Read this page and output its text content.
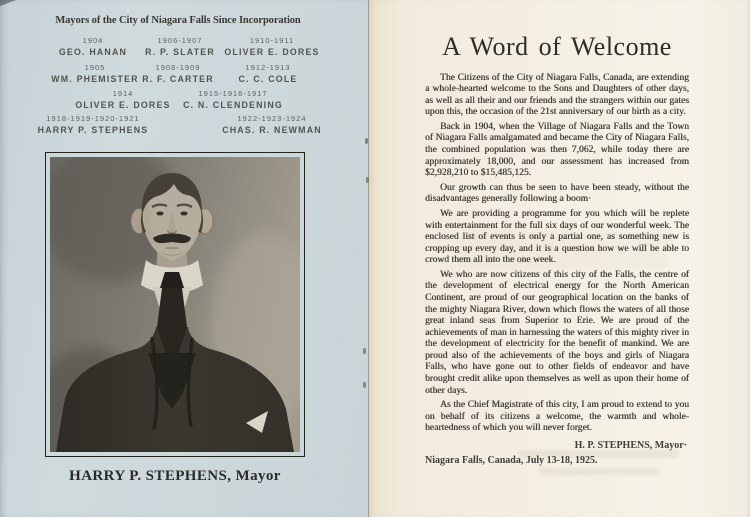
Mayors of the City of Niagara Falls Since Incorporation
1904
GEO. HANAN
1906-1907
R. P. SLATER
1910-1911
OLIVER E. DORES
1905
WM. PHEMISTER
1908-1909
R. F. CARTER
1912-1913
C. C. COLE
1914
OLIVER E. DORES
1915-1916-1917
C. N. CLENDENING
1918-1919-1920-1921
HARRY P. STEPHENS
1922-1923-1924
CHAS. R. NEWMAN
HARRY P. STEPHENS, Mayor
A Word of Welcome

The Citizens of the City of Niagara Falls, Canada, are extending a whole-hearted welcome to the Sons and Daughters of other days, as well as all their and our friends and the strangers within our gates upon this, the occasion of the 21st anniversary of our birth as a city.

Back in 1904, when the Village of Niagara Falls and the Town of Niagara Falls amalgamated and became the City of Niagara Falls, the combined population was then 7,062, while today there are approximately 18,000, and our assessment has increased from $2,928,210 to $15,485,125.

Our growth can thus be seen to have been steady, without the disadvantages generally following a boom·

We are providing a programme for you which will be replete with entertainment for the full six days of our wonderful week. The enclosed list of events is only a partial one, as something new is cropping up every day, and it is a question how we will be able to crowd them all into the one week.

We who are now citizens of this city of the Falls, the centre of the development of electrical energy for the North American Continent, are proud of our geographical location on the banks of the mighty Niagara River, down which flows the waters of all those great inland seas from Superior to Erie. We are proud of the achievements of man in harnessing the waters of this mighty river in the development of electricity for the benefit of mankind. We are proud also of the achievements of the boys and girls of Niagara Falls, who have gone out to other fields of endeavor and have brought credit alike upon themselves as well as upon their home of other days.

As the Chief Magistrate of this city, I am proud to extend to you on behalf of its citizens a welcome, the warmth and whole-heartedness of which you will never forget.

H. P. STEPHENS, Mayor·
Niagara Falls, Canada, July 13-18, 1925.
